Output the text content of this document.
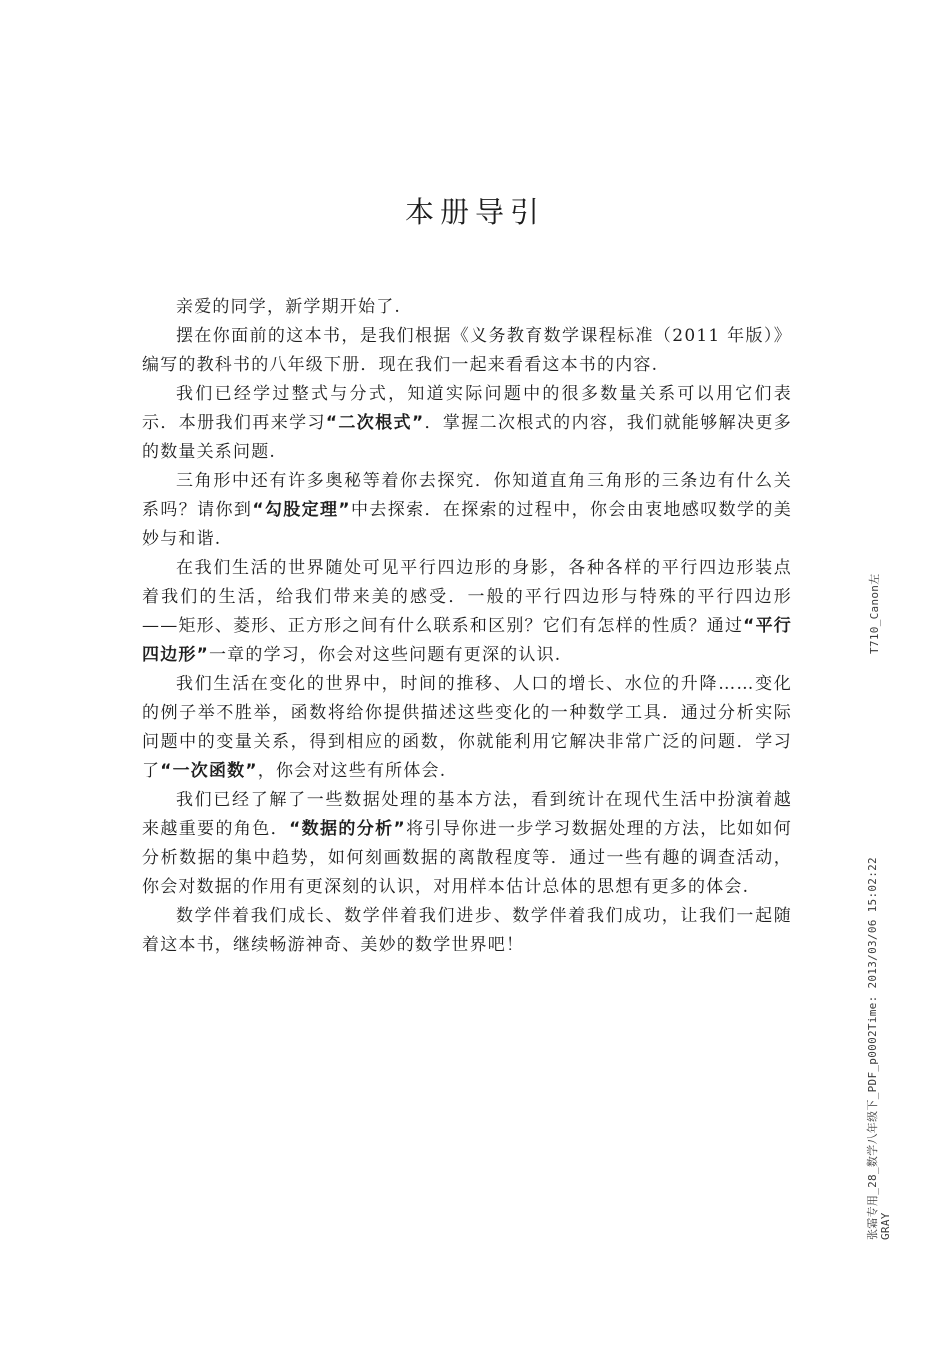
本册导引

亲爱的同学，新学期开始了.

摆在你面前的这本书，是我们根据《义务教育数学课程标准（2011 年版）》编写的教科书的八年级下册．现在我们一起来看看这本书的内容.

我们已经学过整式与分式，知道实际问题中的很多数量关系可以用它们表示．本册我们再来学习“二次根式”．掌握二次根式的内容，我们就能够解决更多的数量关系问题.

三角形中还有许多奥秘等着你去探究．你知道直角三角形的三条边有什么关系吗？请你到“勾股定理”中去探索．在探索的过程中，你会由衷地感叹数学的美妙与和谐.

在我们生活的世界随处可见平行四边形的身影，各种各样的平行四边形装点着我们的生活，给我们带来美的感受．一般的平行四边形与特殊的平行四边形——矩形、菱形、正方形之间有什么联系和区别？它们有怎样的性质？通过“平行四边形”一章的学习，你会对这些问题有更深的认识.

我们生活在变化的世界中，时间的推移、人口的增长、水位的升降……变化的例子举不胜举，函数将给你提供描述这些变化的一种数学工具．通过分析实际问题中的变量关系，得到相应的函数，你就能利用它解决非常广泛的问题．学习了“一次函数”，你会对这些有所体会.

我们已经了解了一些数据处理的基本方法，看到统计在现代生活中扮演着越来越重要的角色．“数据的分析”将引导你进一步学习数据处理的方法，比如如何分析数据的集中趋势，如何刻画数据的离散程度等．通过一些有趣的调查活动，你会对数据的作用有更深刻的认识，对用样本估计总体的思想有更多的体会.

数学伴着我们成长、数学伴着我们进步、数学伴着我们成功，让我们一起随着这本书，继续畅游神奇、美妙的数学世界吧！

T710_Canon左
张霜专用_28_数学八年级下_PDF_p0002Time: 2013/03/06 15:02:22 GRAY
